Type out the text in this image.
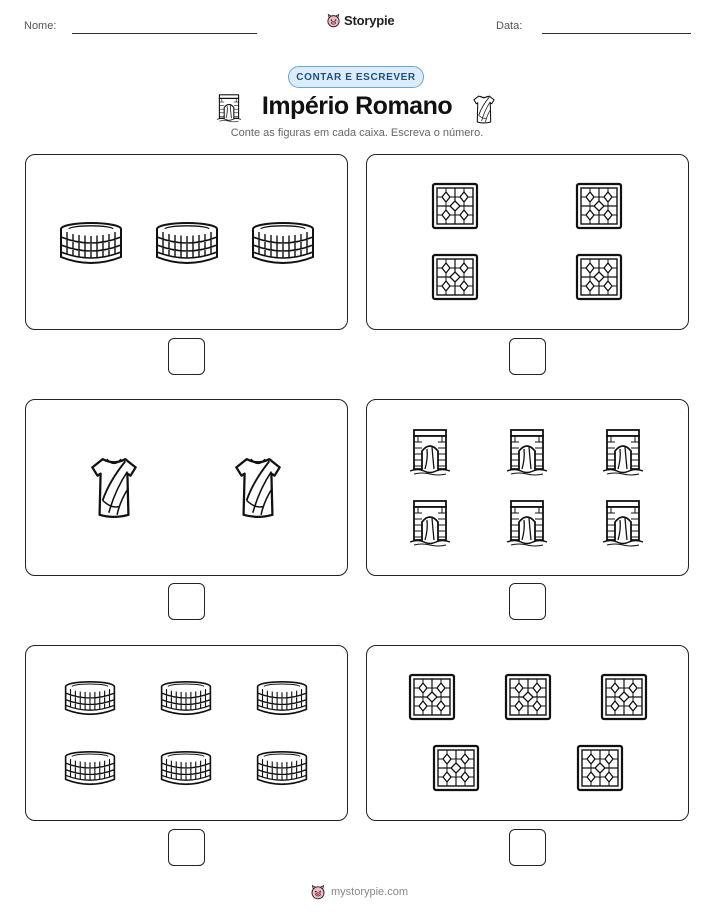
Nome:	Storypie	Data:
CONTAR E ESCREVER
Império Romano
Conte as figuras em cada caixa. Escreva o número.
mystorypie.com
